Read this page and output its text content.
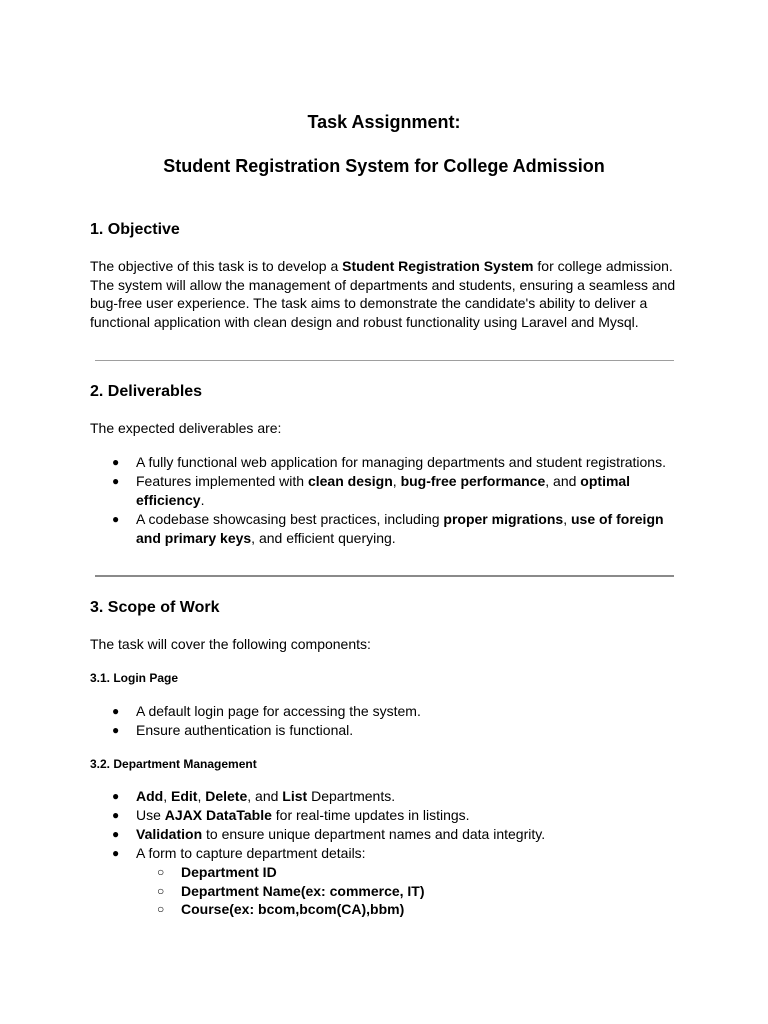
Task Assignment:
Student Registration System for College Admission
1. Objective

The objective of this task is to develop a Student Registration System for college admission. The system will allow the management of departments and students, ensuring a seamless and bug-free user experience. The task aims to demonstrate the candidate's ability to deliver a functional application with clean design and robust functionality using Laravel and Mysql.

2. Deliverables

The expected deliverables are:

● A fully functional web application for managing departments and student registrations.
● Features implemented with clean design, bug-free performance, and optimal efficiency.
● A codebase showcasing best practices, including proper migrations, use of foreign and primary keys, and efficient querying.
3. Scope of Work

The task will cover the following components:

3.1. Login Page
● A default login page for accessing the system.
● Ensure authentication is functional.
3.2. Department Management
● Add, Edit, Delete, and List Departments.
● Use AJAX DataTable for real-time updates in listings.
● Validation to ensure unique department names and data integrity.
● A form to capture department details:
○ Department ID
○ Department Name(ex: commerce, IT)
○ Course(ex: bcom,bcom(CA),bbm)
